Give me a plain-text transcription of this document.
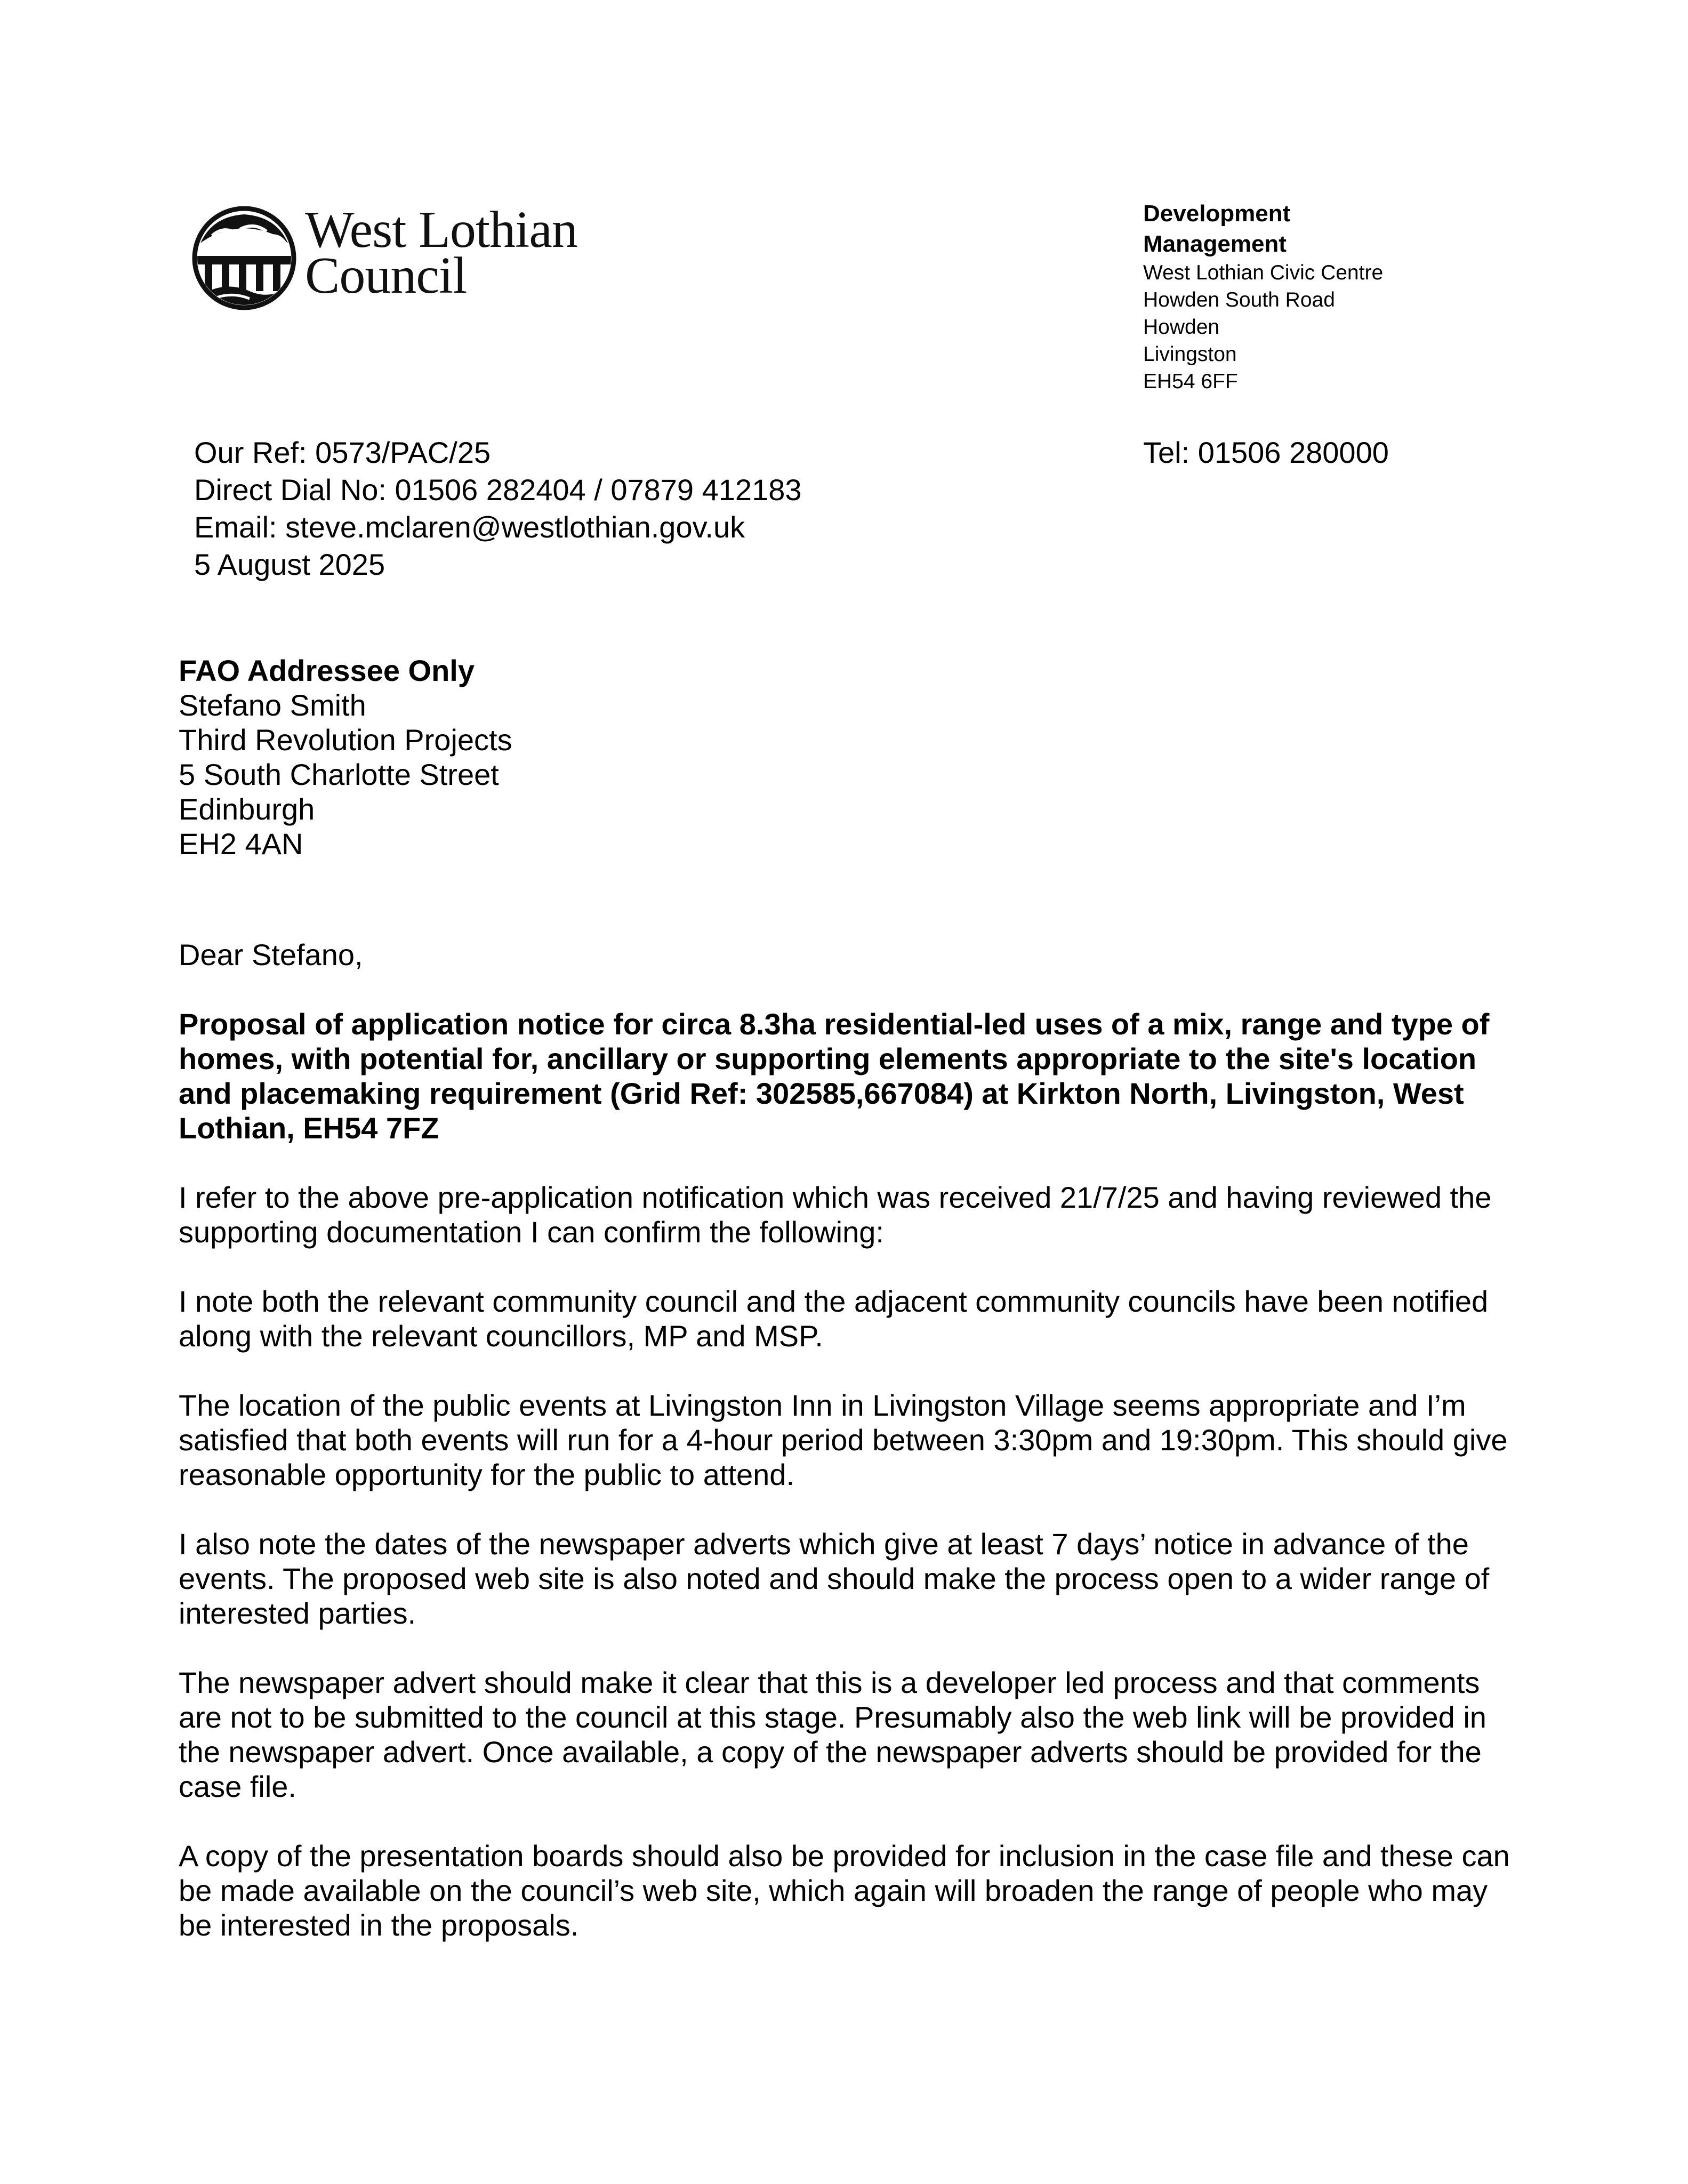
West Lothian
Council
Development
Management
West Lothian Civic Centre
Howden South Road
Howden
Livingston
EH54 6FF
Our Ref: 0573/PAC/25
Direct Dial No: 01506 282404 / 07879 412183
Email: steve.mclaren@westlothian.gov.uk
5 August 2025
Tel: 01506 280000
FAO Addressee Only
Stefano Smith
Third Revolution Projects
5 South Charlotte Street
Edinburgh
EH2 4AN

Dear Stefano,

Proposal of application notice for circa 8.3ha residential-led uses of a mix, range and type of homes, with potential for, ancillary or supporting elements appropriate to the site's location and placemaking requirement (Grid Ref: 302585,667084) at Kirkton North, Livingston, West Lothian, EH54 7FZ

I refer to the above pre-application notification which was received 21/7/25 and having reviewed the supporting documentation I can confirm the following:

I note both the relevant community council and the adjacent community councils have been notified along with the relevant councillors, MP and MSP.

The location of the public events at Livingston Inn in Livingston Village seems appropriate and I’m satisfied that both events will run for a 4-hour period between 3:30pm and 19:30pm. This should give reasonable opportunity for the public to attend.

I also note the dates of the newspaper adverts which give at least 7 days’ notice in advance of the events. The proposed web site is also noted and should make the process open to a wider range of interested parties.

The newspaper advert should make it clear that this is a developer led process and that comments are not to be submitted to the council at this stage. Presumably also the web link will be provided in the newspaper advert. Once available, a copy of the newspaper adverts should be provided for the case file.

A copy of the presentation boards should also be provided for inclusion in the case file and these can be made available on the council’s web site, which again will broaden the range of people who may be interested in the proposals.
